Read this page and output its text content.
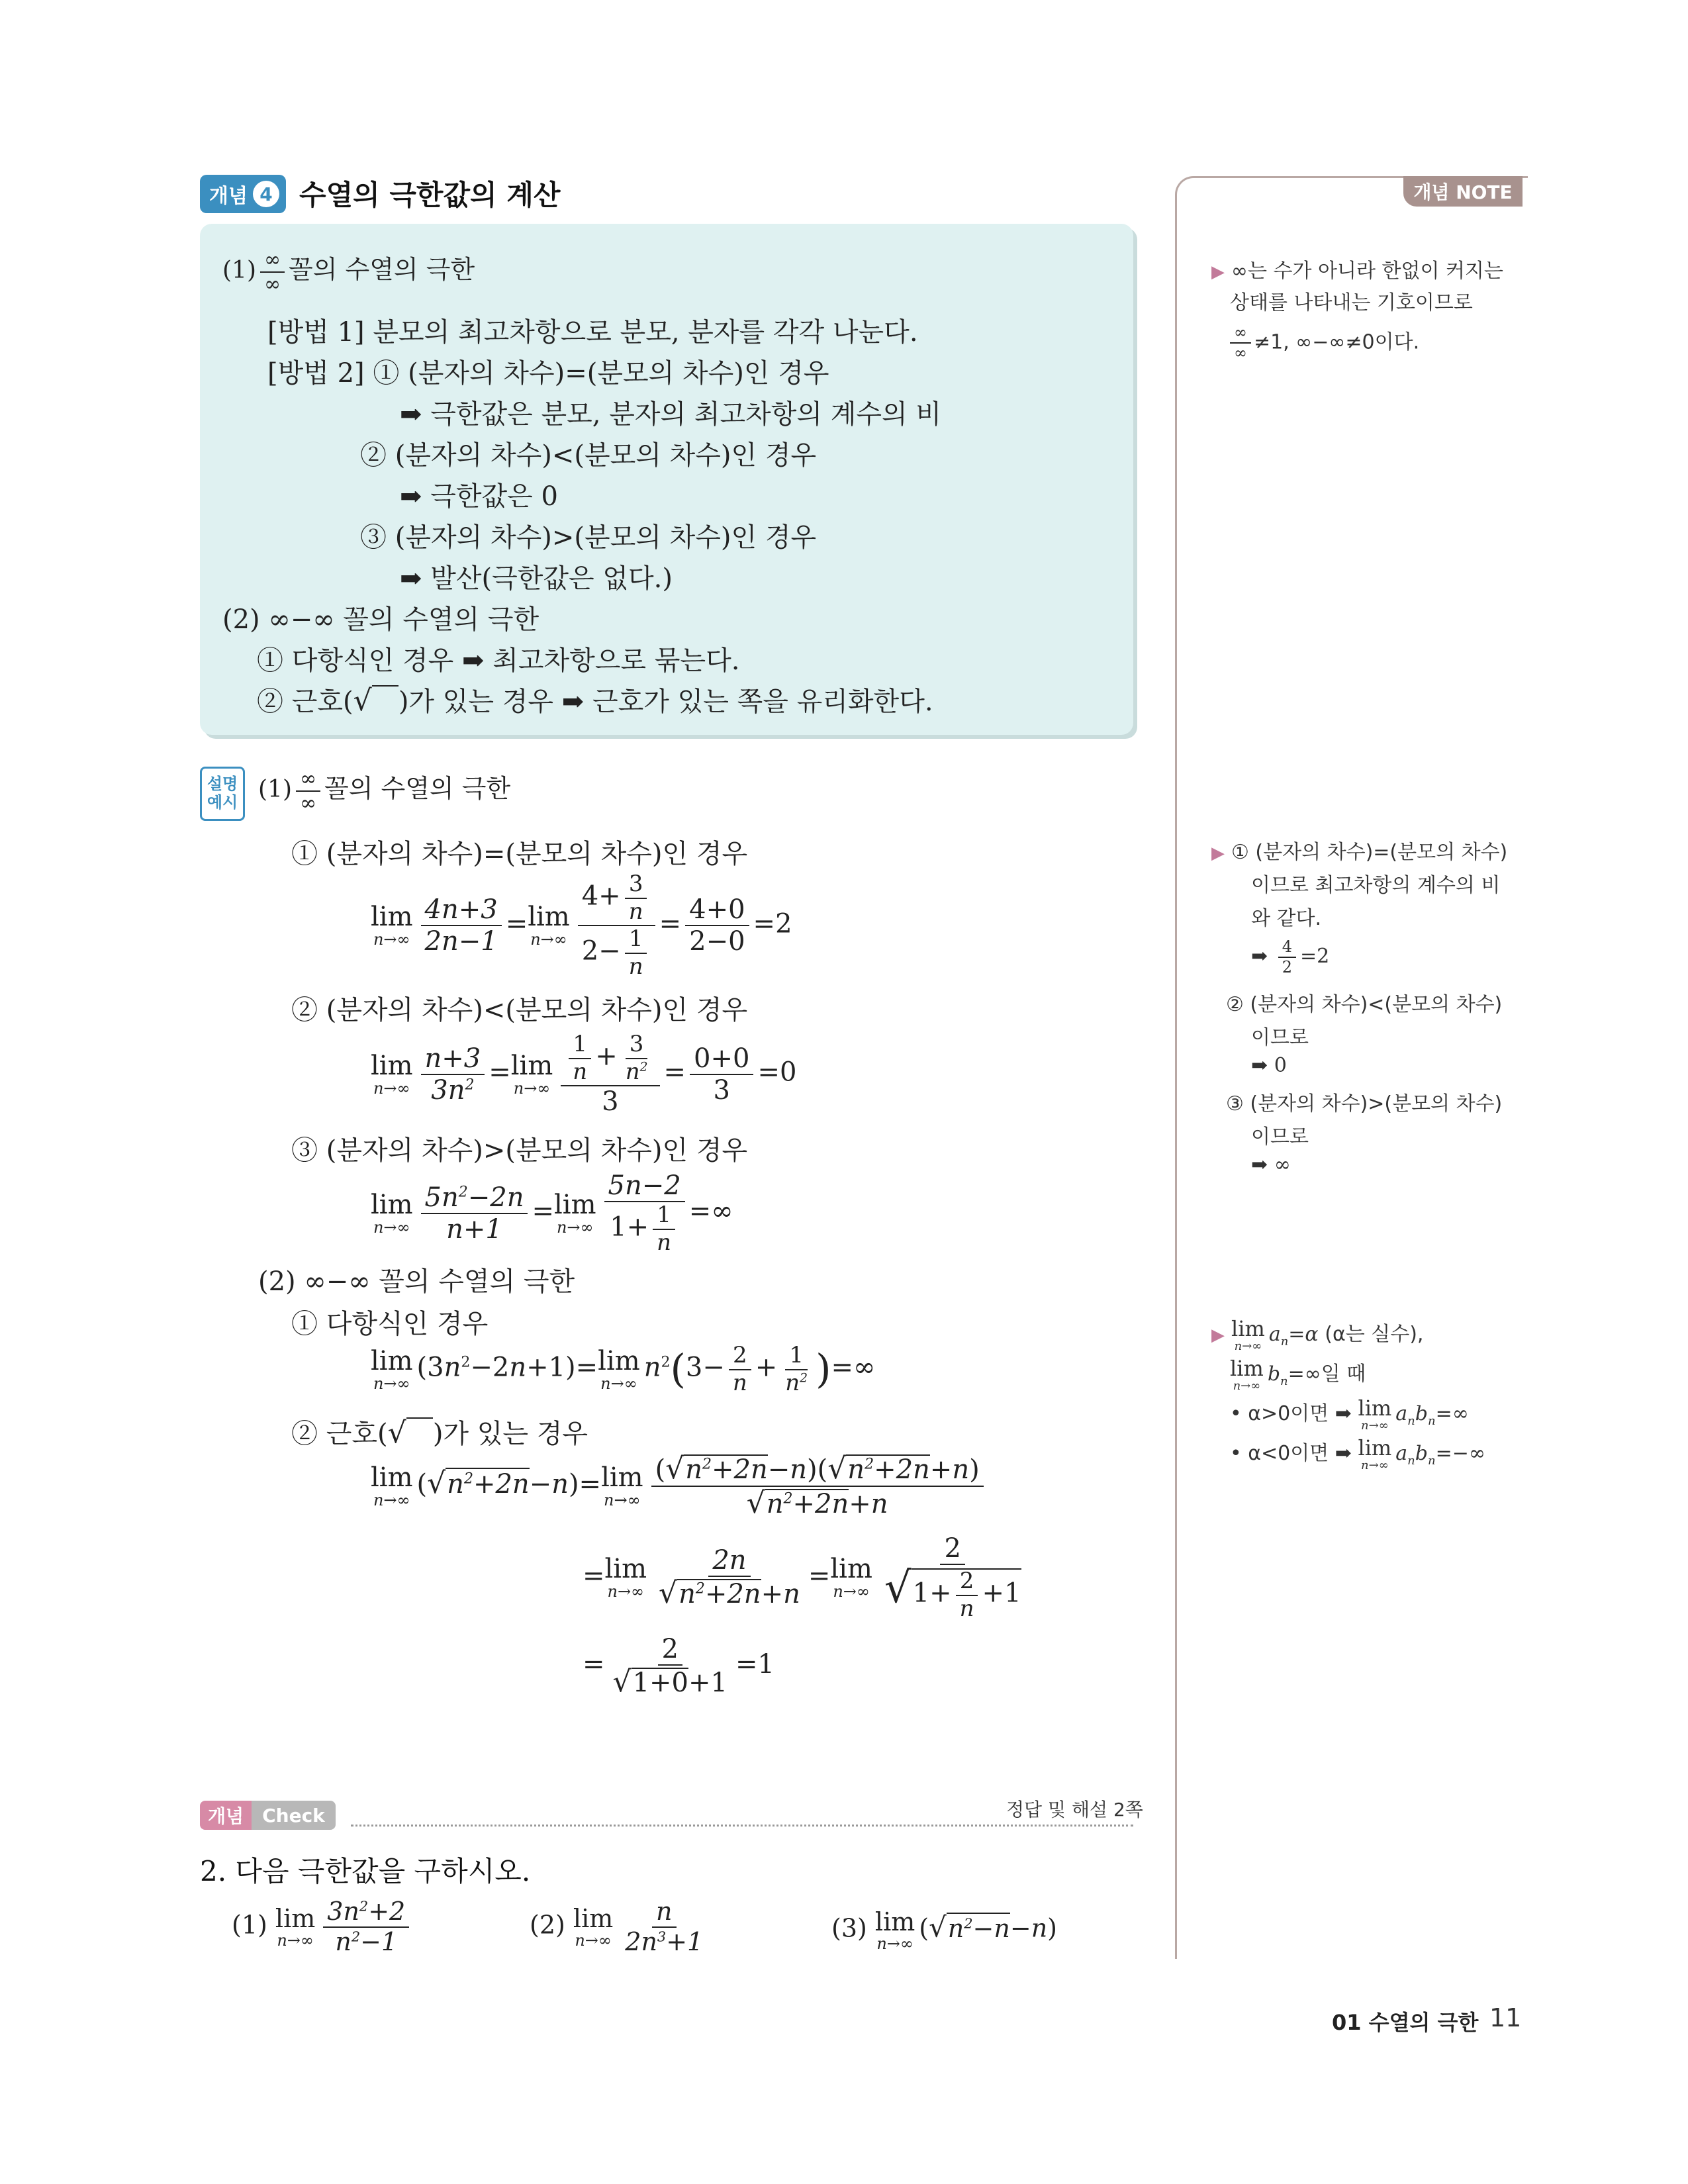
개념 4 수열의 극한값의 계산	개념 NOTE
▶ ∞는 수가 아니라 한없이 커지는
상태를 나타내는 기호이므로
$\frac{\infty}{\infty} \ne 1$, ∞−∞≠0이다.
▶ ① (분자의 차수)=(분모의 차수)
이므로 최고차항의 계수의 비
와 같다.
➡ $\frac{4}{2} =2$
② (분자의 차수)<(분모의 차수)
이므로
➡ 0
③ (분자의 차수)>(분모의 차수)
이므로
➡ ∞
▶ lim
n→∞
$a_n=\alpha$ (α는 실수),
lim
n→∞
$b_n=\infty$일 때
• α>0이면 ➡ lim
n→∞
$a_nb_n=\infty$
• α<0이면 ➡ lim
n→∞
$a_nb_n=-\infty$
$(1) \frac{\infty}{\infty}$ 꼴의 수열의 극한
[방법 1] 분모의 최고차항으로 분모, 분자를 각각 나눈다.
[방법 2] ① (분자의 차수)=(분모의 차수)인 경우
➡ 극한값은 분모, 분자의 최고차항의 계수의 비
② (분자의 차수)<(분모의 차수)인 경우
➡ 극한값은 0
③ (분자의 차수)>(분모의 차수)인 경우
➡ 발산(극한값은 없다.)
(2) ∞−∞ 꼴의 수열의 극한
① 다항식인 경우 ➡ 최고차항으로 묶는다.
② 근호(√ )가 있는 경우 ➡ 근호가 있는 쪽을 유리화한다.
설명
예시 $(1) \frac{\infty}{\infty}$ 꼴의 수열의 극한
① (분자의 차수)=(분모의 차수)인 경우
lim
$n\to\infty \frac{4n+3}{2n-1} = \lim$
$n\to\infty \frac{4+ \frac{3}{n}}{2- \frac{1}{n}} = \frac{4+0}{2-0} =2$
② (분자의 차수)<(분모의 차수)인 경우
lim
$n\to\infty \frac{n+3}{3n^2} = \lim$
$n\to\infty \frac{\frac{1}{n} + \frac{3}{n^2}}{3} = \frac{0+0}{3} =0$
③ (분자의 차수)>(분모의 차수)인 경우
lim
$n\to\infty \frac{5n^2-2n}{n+1} = \lim$
$n\to\infty \frac{5n-2}{1+ \frac{1}{n}}$ =∞
(2) ∞−∞ 꼴의 수열의 극한
① 다항식인 경우
lim
n→∞
$(3n^2-2n+1)= \lim$
n→∞
$n^2(3- \frac{2}{n} + \frac{1}{n^2}$ )=∞
② 근호(√ )가 있는 경우
lim
n→∞
$(√n^2+2n-n)= \lim$
$n\to\infty \frac{(√n^2+2n-n)(√n^2+2n+n)}{√n^2+2n+n}$
= lim
$n\to\infty \frac{2n}{√n^2+2n+n} = \lim$
$n\to\infty \frac{2}{√1+ \frac{2}{n} +1}$
= $\frac{2}{√1+0+1} =1$
개념	Check	정답 및 해설 2쪽
2. 다음 극한값을 구하시오.
(1) lim
$n\to\infty \frac{3n^2+2}{n^2-1}$	(2) lim
$n\to\infty \frac{n}{2n^3+1}$	(3) lim
n→∞
$(√n^2-n-n)$
01 수열의 극한 11
